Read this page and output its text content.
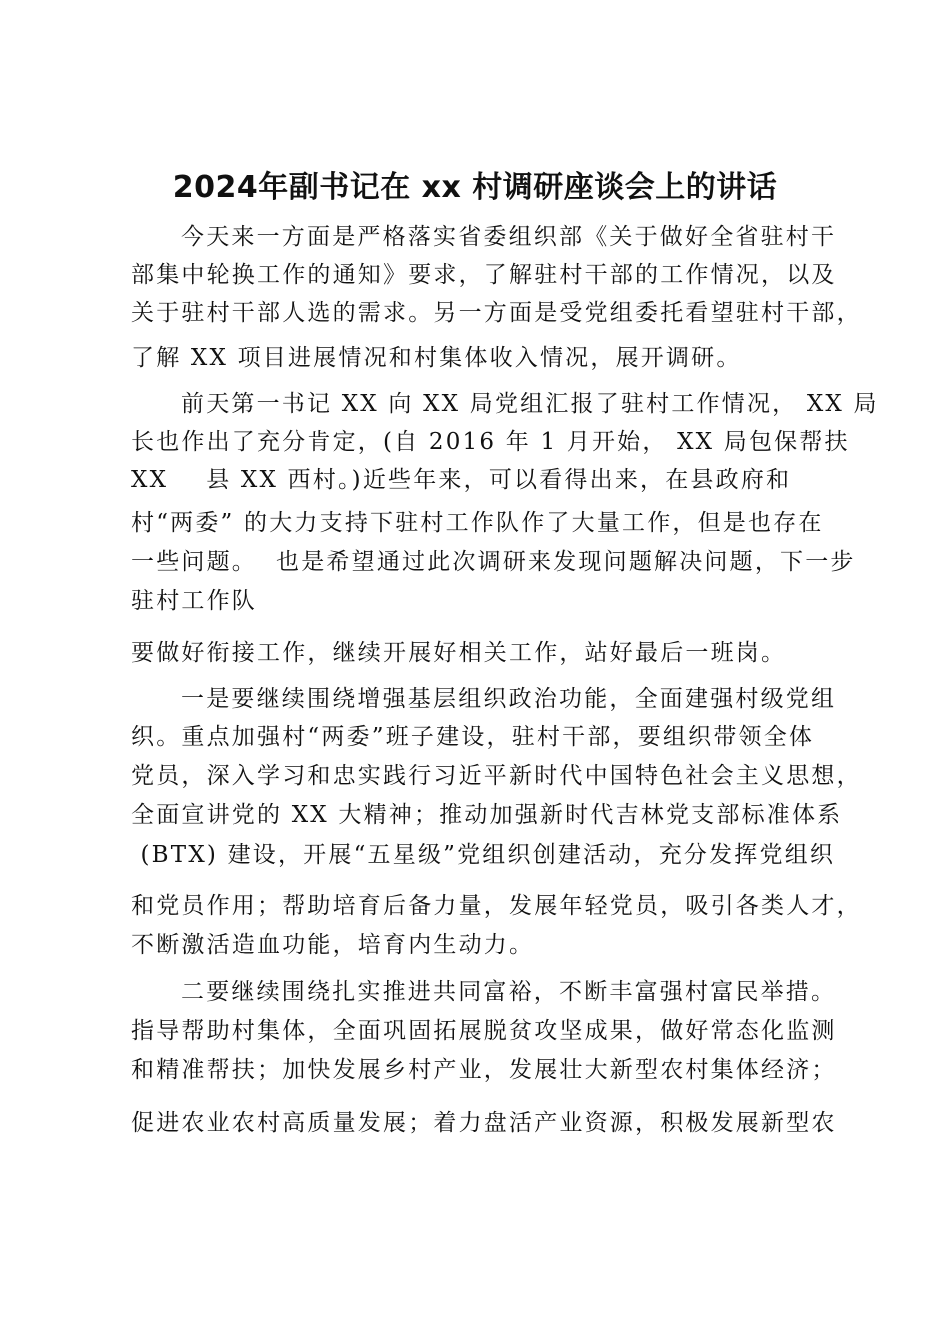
2024年副书记在 xx 村调研座谈会上的讲话
今天来一方面是严格落实省委组织部《关于做好全省驻村干
部集中轮换工作的通知》要求，了解驻村干部的工作情况，以及
关于驻村干部人选的需求。另一方面是受党组委托看望驻村干部，
了解 XX 项目进展情况和村集体收入情况，展开调研。
前天第一书记 XX 向 XX 局党组汇报了驻村工作情况， XX 局
长也作出了充分肯定，(自 2016 年 1 月开始， XX 局包保帮扶
XX    县 XX 西村。)近些年来，可以看得出来，在县政府和
村“两委” 的大力支持下驻村工作队作了大量工作，但是也存在
一些问题。  也是希望通过此次调研来发现问题解决问题，下一步
驻村工作队
要做好衔接工作，继续开展好相关工作，站好最后一班岗。
一是要继续围绕增强基层组织政治功能，全面建强村级党组
织。重点加强村“两委”班子建设，驻村干部，要组织带领全体
党员，深入学习和忠实践行习近平新时代中国特色社会主义思想，
全面宣讲党的 XX 大精神；推动加强新时代吉林党支部标准体系
(BTX) 建设，开展“五星级”党组织创建活动，充分发挥党组织
和党员作用；帮助培育后备力量，发展年轻党员，吸引各类人才，
不断激活造血功能，培育内生动力。
二要继续围绕扎实推进共同富裕，不断丰富强村富民举措。
指导帮助村集体，全面巩固拓展脱贫攻坚成果，做好常态化监测
和精准帮扶；加快发展乡村产业，发展壮大新型农村集体经济；
促进农业农村高质量发展；着力盘活产业资源，积极发展新型农
